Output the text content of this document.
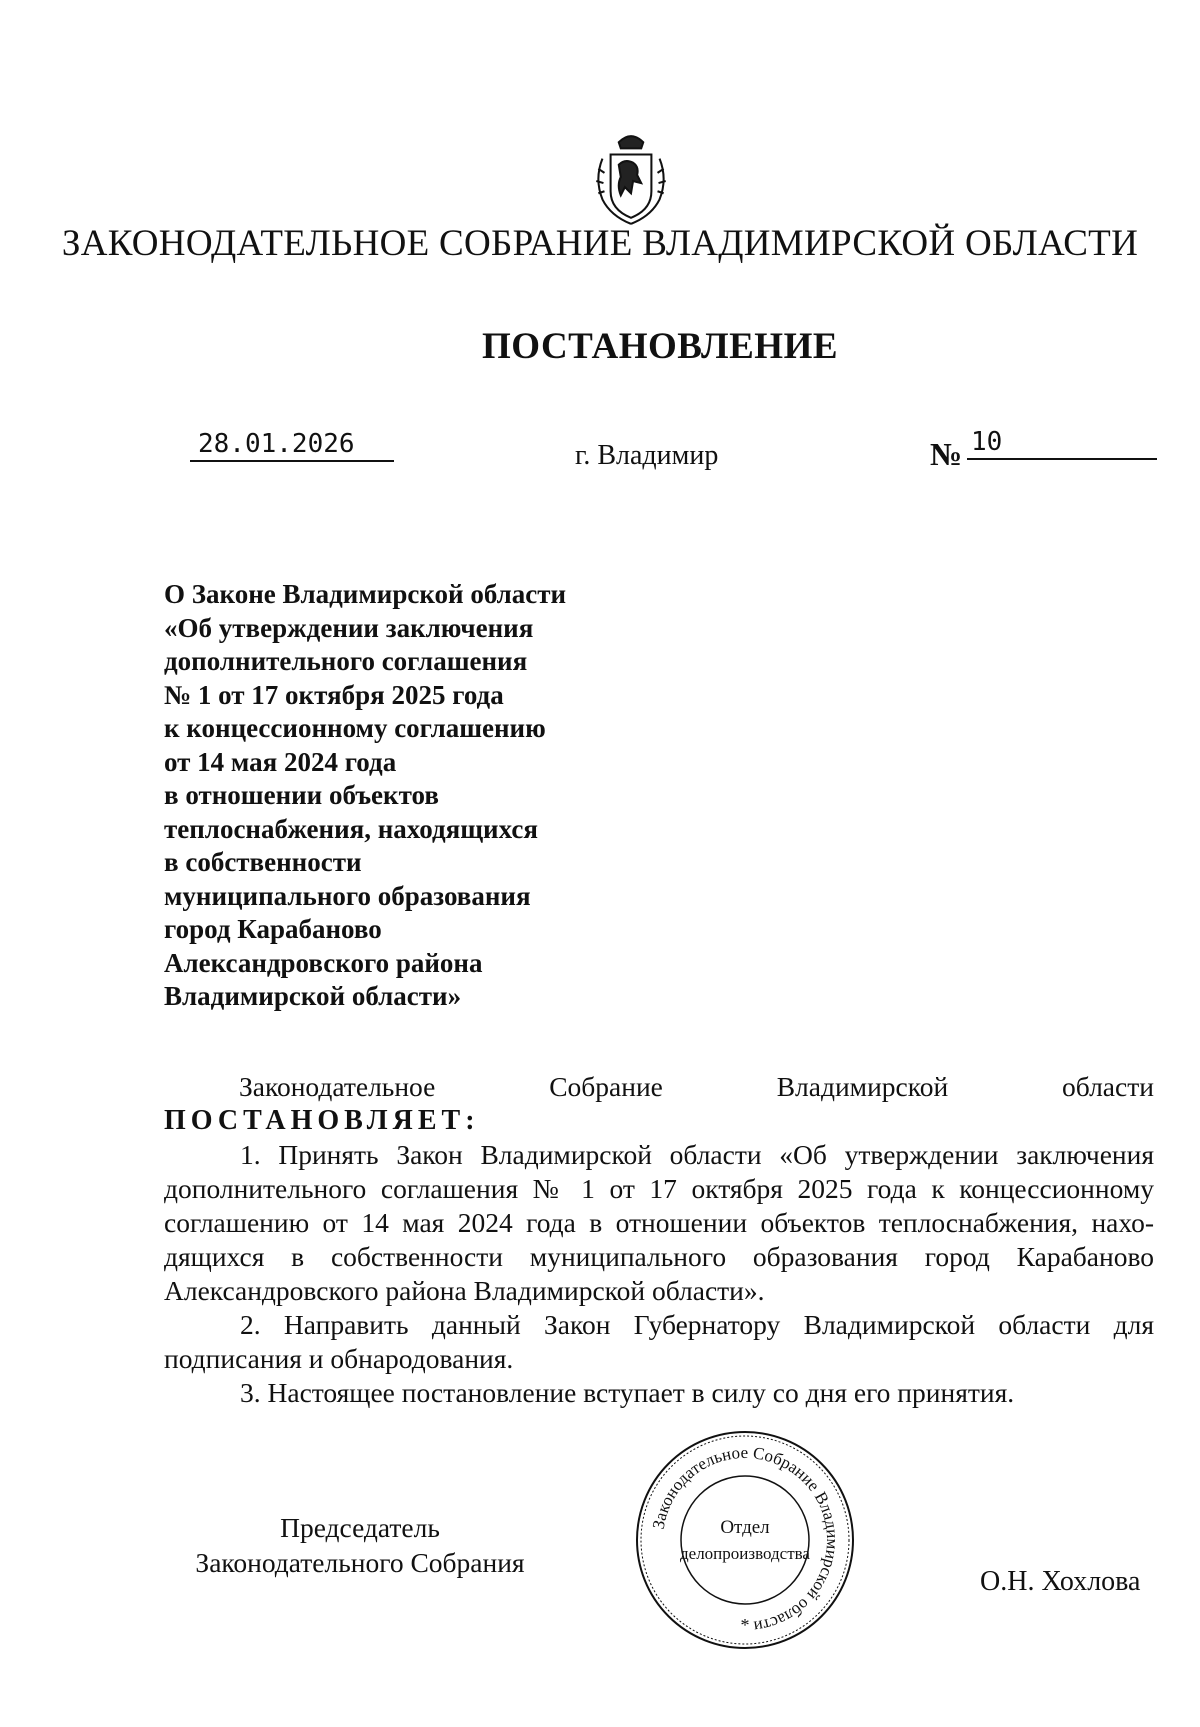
ЗАКОНОДАТЕЛЬНОЕ СОБРАНИЕ ВЛАДИМИРСКОЙ ОБЛАСТИ
ПОСТАНОВЛЕНИЕ
28.01.2026	г. Владимир	№ 10
О Законе Владимирской области
«Об утверждении заключения
дополнительного соглашения
№ 1 от 17 октября 2025 года
к концессионному соглашению
от 14 мая 2024 года
в отношении объектов
теплоснабжения, находящихся
в собственности
муниципального образования
город Карабаново
Александровского района
Владимирской области»
Законодательное	Собрание	Владимирской	области
ПОСТАНОВЛЯЕТ:

1. Принять Закон Владимирской области «Об утверждении заключения дополнительного соглашения № 1 от 17 октября 2025 года к концессионному соглашению от 14 мая 2024 года в отношении объектов теплоснабжения, находящихся в собственности муниципального образования город Карабаново Александровского района Владимирской области».

2. Направить данный Закон Губернатору Владимирской области для подписания и обнародования.

3. Настоящее постановление вступает в силу со дня его принятия.

Председатель
Законодательного Собрания
Законодательное Собрание Владимирской области
*
Отдел
делопроизводства
О.Н. Хохлова
